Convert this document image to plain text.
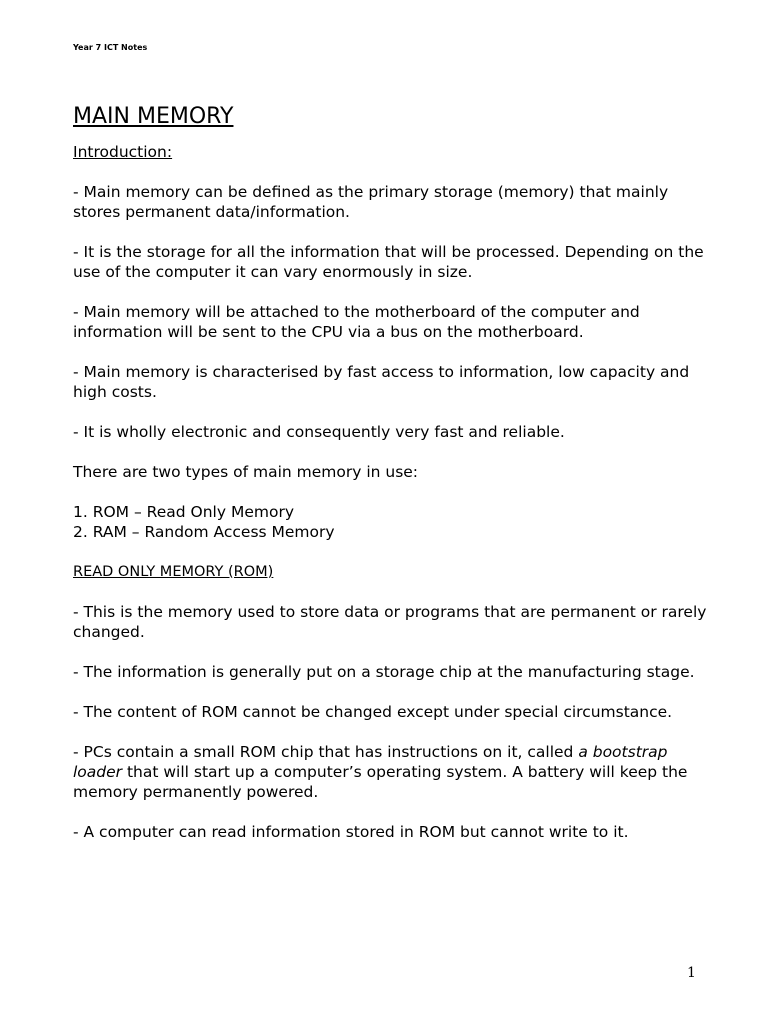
Year 7 ICT Notes
MAIN MEMORY
Introduction:

- Main memory can be defined as the primary storage (memory) that mainly stores permanent data/information.

- It is the storage for all the information that will be processed. Depending on the use of the computer it can vary enormously in size.

- Main memory will be attached to the motherboard of the computer and information will be sent to the CPU via a bus on the motherboard.

- Main memory is characterised by fast access to information, low capacity and high costs.

- It is wholly electronic and consequently very fast and reliable.

There are two types of main memory in use:

1. ROM – Read Only Memory
2. RAM – Random Access Memory
READ ONLY MEMORY (ROM)

- This is the memory used to store data or programs that are permanent or rarely changed.

- The information is generally put on a storage chip at the manufacturing stage.

- The content of ROM cannot be changed except under special circumstance.

- PCs contain a small ROM chip that has instructions on it, called a bootstrap loader that will start up a computer’s operating system. A battery will keep the memory permanently powered.

- A computer can read information stored in ROM but cannot write to it.

1
